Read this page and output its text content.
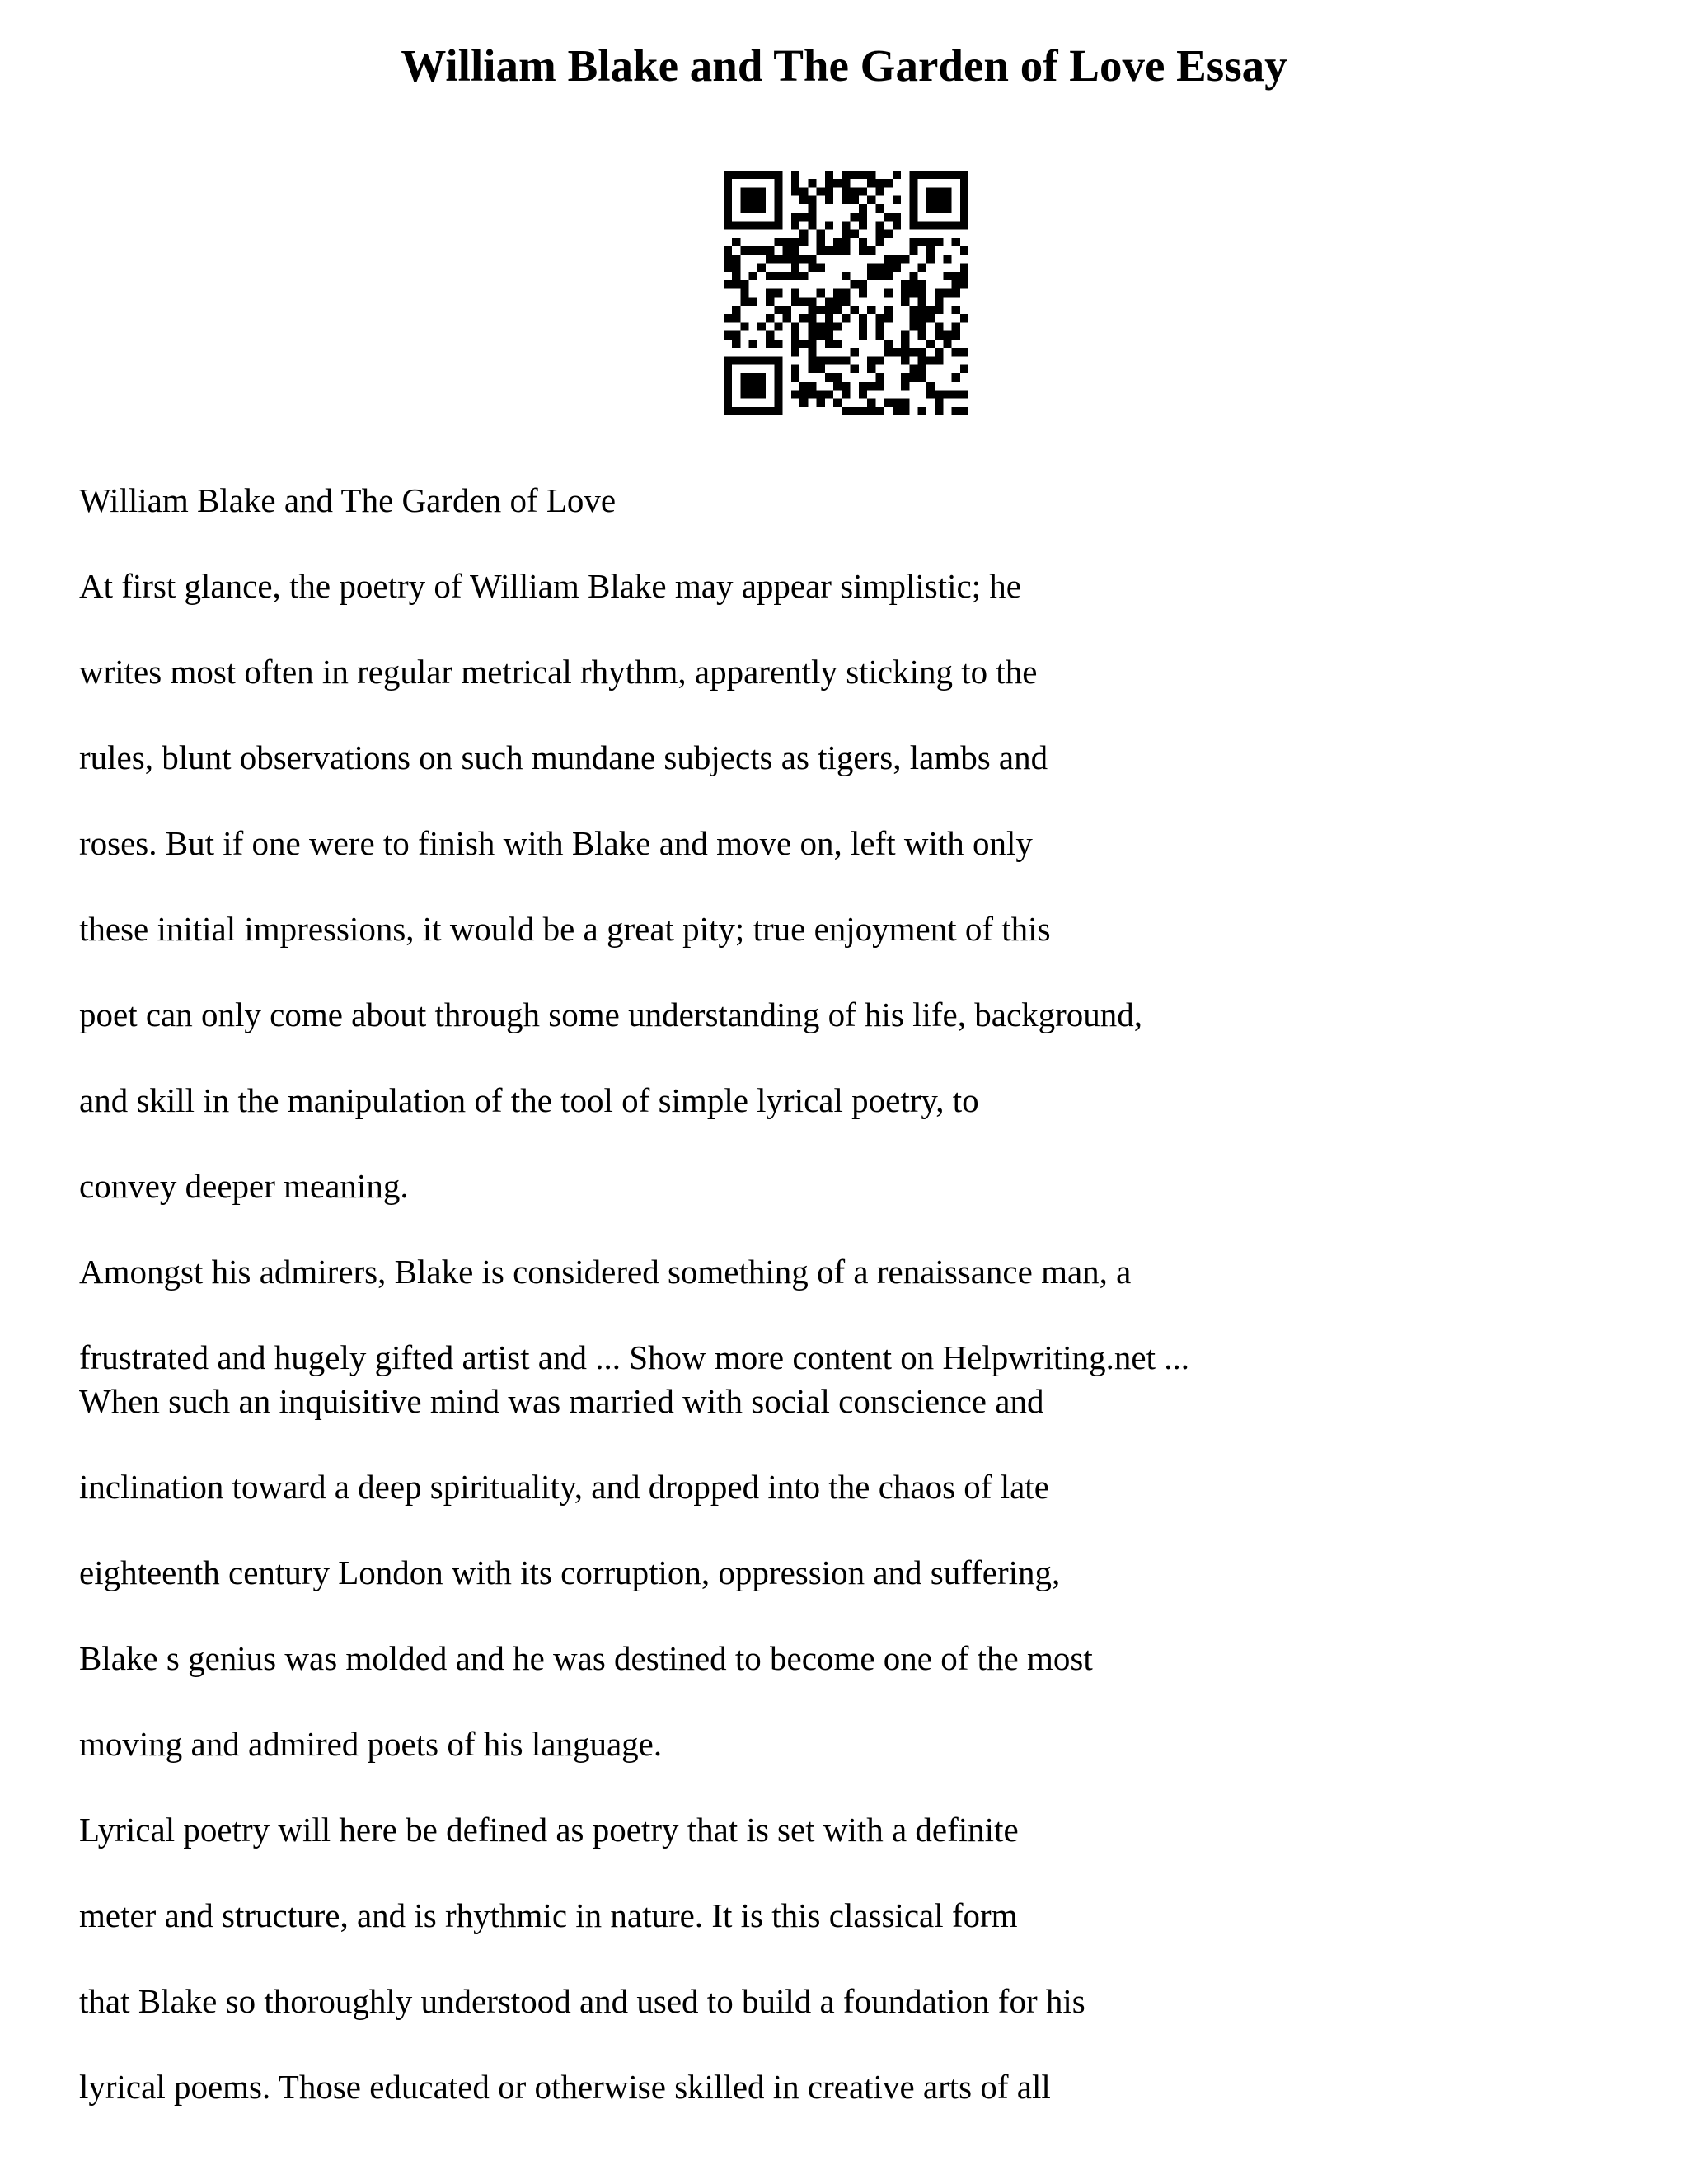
William Blake and The Garden of Love Essay

William Blake and The Garden of Love

At first glance, the poetry of William Blake may appear simplistic; he

writes most often in regular metrical rhythm, apparently sticking to the

rules, blunt observations on such mundane subjects as tigers, lambs and

roses. But if one were to finish with Blake and move on, left with only

these initial impressions, it would be a great pity; true enjoyment of this

poet can only come about through some understanding of his life, background,

and skill in the manipulation of the tool of simple lyrical poetry, to

convey deeper meaning.

Amongst his admirers, Blake is considered something of a renaissance man, a

frustrated and hugely gifted artist and ... Show more content on Helpwriting.net ...

When such an inquisitive mind was married with social conscience and

inclination toward a deep spirituality, and dropped into the chaos of late

eighteenth century London with its corruption, oppression and suffering,

Blake s genius was molded and he was destined to become one of the most

moving and admired poets of his language.

Lyrical poetry will here be defined as poetry that is set with a definite

meter and structure, and is rhythmic in nature. It is this classical form

that Blake so thoroughly understood and used to build a foundation for his

lyrical poems. Those educated or otherwise skilled in creative arts of all
